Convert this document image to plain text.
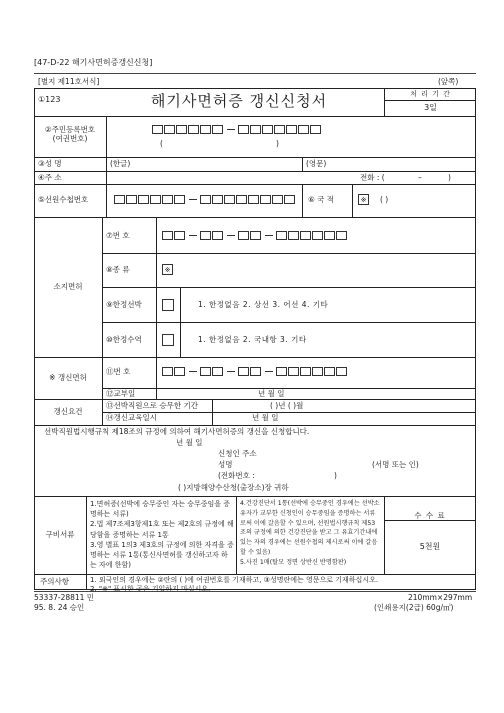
[47-D-22 해기사면허증갱신신청]
[별지 제11호서식]	(앞쪽)
①123	해기사면허증 갱신신청서	처 리 기 간
3일
②주민등록번호
(여권번호)
(	)
③성 명	(한글)	(영문)
④주 소	전화 : (	–	)
⑤선원수첩번호	⑥ 국 적	※	( )
소지면허
⑦번 호
⑧종 류	※
⑨한정선박	1. 한정없음 2. 상선 3. 어선 4. 기타
⑩한정수역	1. 한정없음 2. 국내항 3. 기타
※ 갱신면허
⑪번 호
⑫교부일	년 월 일
갱신요건
⑬선박직원으로 승무한 기간	( )년 ( )월
⑭갱신교육일시	년 월 일
선박직원법시행규칙 제18조의 규정에 의하여 해기사면허증의 갱신을 신청합니다.
년 월 일
신청인 주소
성명	(서명 또는 인)
(전화번호 :	)
( )지방해양수산청(출장소)장 귀하
구비서류
1.면허증(선박에 승무중인 자는 승무중임을 증명하는 서류)
2.법 제7조제3항제1호 또는 제2호의 규정에 해당함을 증명하는 서류 1통
3.영 별표 1의3 제3호의 규정에 의한 자격을 증명하는 서류 1통(통신사면허를 갱신하고자 하는 자에 한함)
4.건강진단서 1통(선박에 승무중인 경우에는 선박소유자가 교부한 신청인이 승무중임을 증명하는 서류로써 이에 갈음할 수 있으며, 선원법시행규칙 제53조의 규정에 의한 건강진단을 받고 그 유효기간내에 있는 자의 경우에는 선원수첩의 제시로써 이에 갈음할 수 있음)
5.사진 1매(탈모 정면 상반신 반명함판)
수 수 료
5천원
주의사항	1. 외국인의 경우에는 ②란의 ( )에 여권번호를 기재하고, ③성명란에는 영문으로 기재하십시오.
2. "※" 표시한 곳은 기입하지 마십시오.
53337-28811 민
95. 8. 24 승인
210mm×297mm
(인쇄용지(2급) 60g/㎡)
